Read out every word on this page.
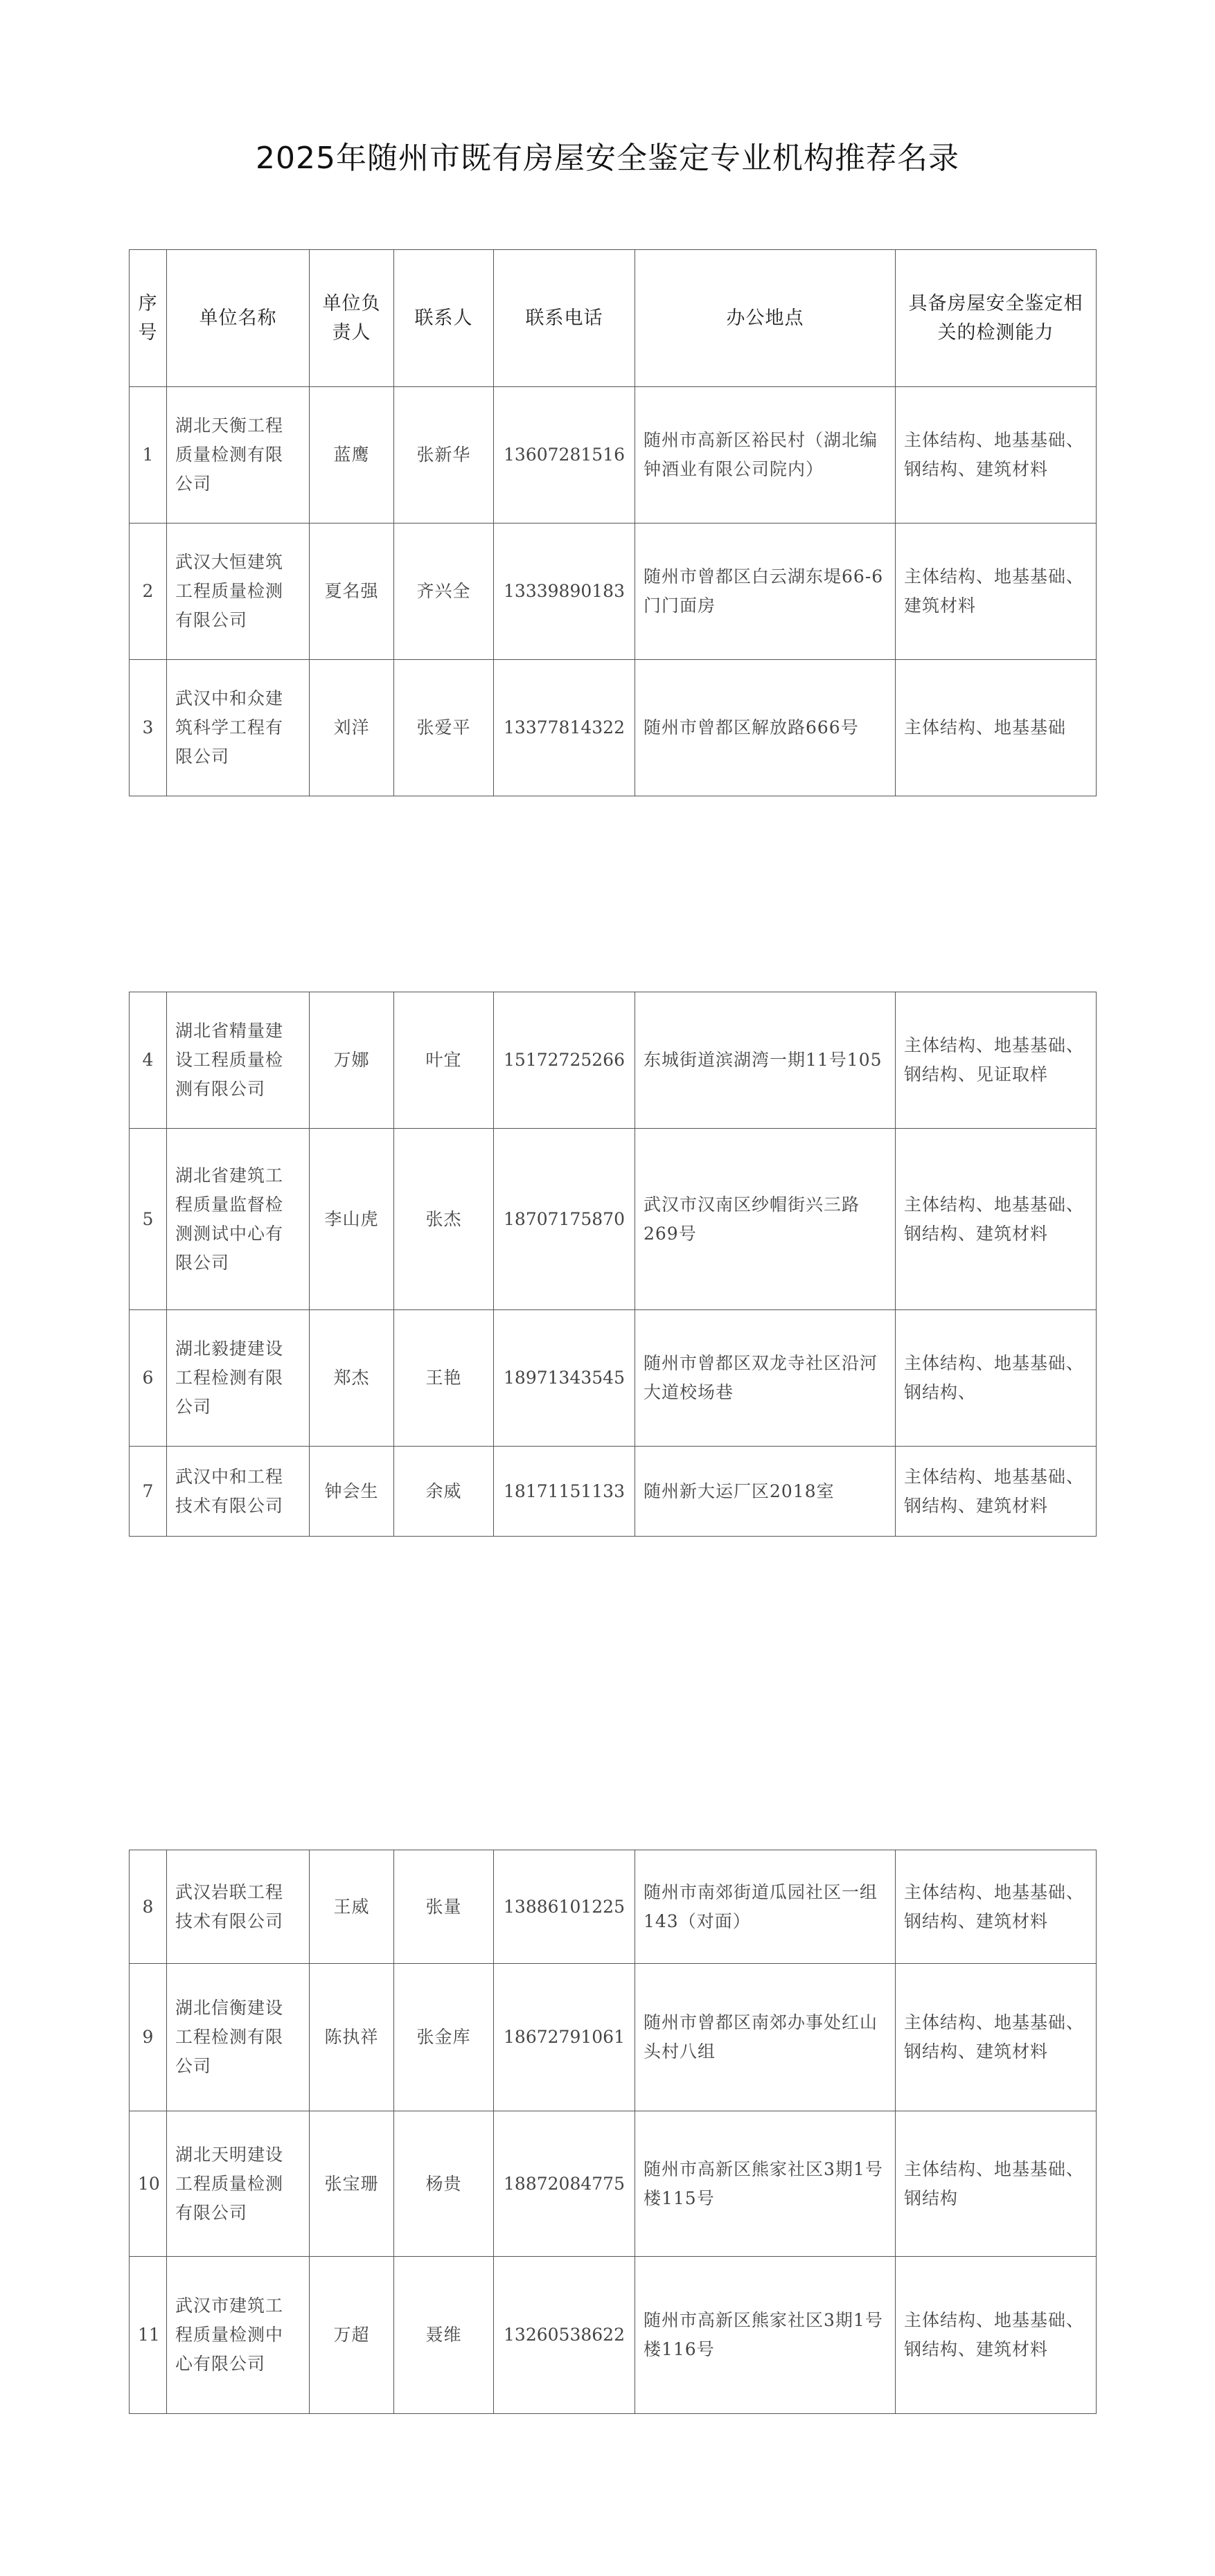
2025年随州市既有房屋安全鉴定专业机构推荐名录
序号	单位名称	单位负责人	联系人	联系电话	办公地点	具备房屋安全鉴定相关的检测能力
1	湖北天衡工程质量检测有限公司	蓝鹰	张新华	13607281516	随州市高新区裕民村（湖北编钟酒业有限公司院内）	主体结构、地基基础、钢结构、建筑材料
2	武汉大恒建筑工程质量检测有限公司	夏名强	齐兴全	13339890183	随州市曾都区白云湖东堤66-6门门面房	主体结构、地基基础、建筑材料
3	武汉中和众建筑科学工程有限公司	刘洋	张爱平	13377814322	随州市曾都区解放路666号	主体结构、地基基础
4	湖北省精量建设工程质量检测有限公司	万娜	叶宜	15172725266	东城街道滨湖湾一期11号105	主体结构、地基基础、钢结构、见证取样
5	湖北省建筑工程质量监督检测测试中心有限公司	李山虎	张杰	18707175870	武汉市汉南区纱帽街兴三路269号	主体结构、地基基础、钢结构、建筑材料
6	湖北毅捷建设工程检测有限公司	郑杰	王艳	18971343545	随州市曾都区双龙寺社区沿河大道校场巷	主体结构、地基基础、钢结构、
7	武汉中和工程技术有限公司	钟会生	余威	18171151133	随州新大运厂区2018室	主体结构、地基基础、钢结构、建筑材料
8	武汉岩联工程技术有限公司	王威	张量	13886101225	随州市南郊街道瓜园社区一组143（对面）	主体结构、地基基础、钢结构、建筑材料
9	湖北信衡建设工程检测有限公司	陈执祥	张金库	18672791061	随州市曾都区南郊办事处红山头村八组	主体结构、地基基础、钢结构、建筑材料
10	湖北天明建设工程质量检测有限公司	张宝珊	杨贵	18872084775	随州市高新区熊家社区3期1号楼115号	主体结构、地基基础、钢结构
11	武汉市建筑工程质量检测中心有限公司	万超	聂维	13260538622	随州市高新区熊家社区3期1号楼116号	主体结构、地基基础、钢结构、建筑材料
